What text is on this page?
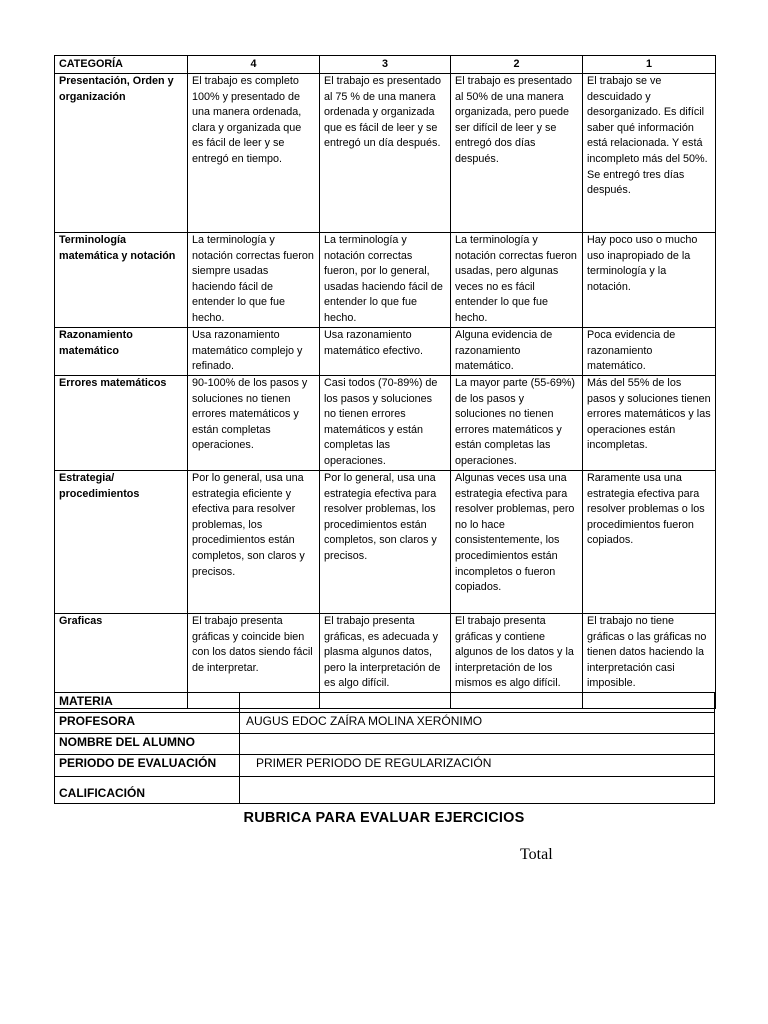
CATEGORÍA	4	3	2	1
Presentación, Orden y organización	El trabajo es completo 100% y presentado de una manera ordenada, clara y organizada que es fácil de leer y se entregó en tiempo.	El trabajo es presentado al 75 % de una manera ordenada y organizada que es fácil de leer y se entregó un día después.	El trabajo es presentado al 50% de una manera organizada, pero puede ser difícil de leer y se entregó dos días después.	El trabajo se ve descuidado y desorganizado. Es difícil saber qué información está relacionada. Y está incompleto más del 50%. Se entregó tres días después.
Terminología matemática y notación	La terminología y notación correctas fueron siempre usadas haciendo fácil de entender lo que fue hecho.	La terminología y notación correctas fueron, por lo general, usadas haciendo fácil de entender lo que fue hecho.	La terminología y notación correctas fueron usadas, pero algunas veces no es fácil entender lo que fue hecho.	Hay poco uso o mucho uso inapropiado de la terminología y la notación.
Razonamiento matemático	Usa razonamiento matemático complejo y refinado.	Usa razonamiento matemático efectivo.	Alguna evidencia de razonamiento matemático.	Poca evidencia de razonamiento matemático.
Errores matemáticos	90-100% de los pasos y soluciones no tienen errores matemáticos y están completas operaciones.	Casi todos (70-89%) de los pasos y soluciones no tienen errores matemáticos y están completas las operaciones.	La mayor parte (55-69%) de los pasos y soluciones no tienen errores matemáticos y están completas las operaciones.	Más del 55% de los pasos y soluciones tienen errores matemáticos y las operaciones están incompletas.
Estrategia/ procedimientos	Por lo general, usa una estrategia eficiente y efectiva para resolver problemas, los procedimientos están completos, son claros y precisos.	Por lo general, usa una estrategia efectiva para resolver problemas, los procedimientos están completos, son claros y precisos.	Algunas veces usa una estrategia efectiva para resolver problemas, pero no lo hace consistentemente, los procedimientos están incompletos o fueron copiados.	Raramente usa una estrategia efectiva para resolver problemas o los procedimientos fueron copiados.
Graficas	El trabajo presenta gráficas y coincide bien con los datos siendo fácil de interpretar.	El trabajo presenta gráficas, es adecuada y plasma algunos datos, pero la interpretación de es algo difícil.	El trabajo presenta gráficas y contiene algunos de los datos y la interpretación de los mismos es algo difícil.	El trabajo no tiene gráficas o las gráficas no tienen datos haciendo la interpretación casi imposible.
MATERIA	
PROFESORA	AUGUS EDOC ZAÍRA MOLINA XERÓNIMO
NOMBRE DEL ALUMNO	
PERIODO DE EVALUACIÓN	PRIMER PERIODO DE REGULARIZACIÓN
CALIFICACIÓN	
RUBRICA PARA EVALUAR EJERCICIOS
Total
